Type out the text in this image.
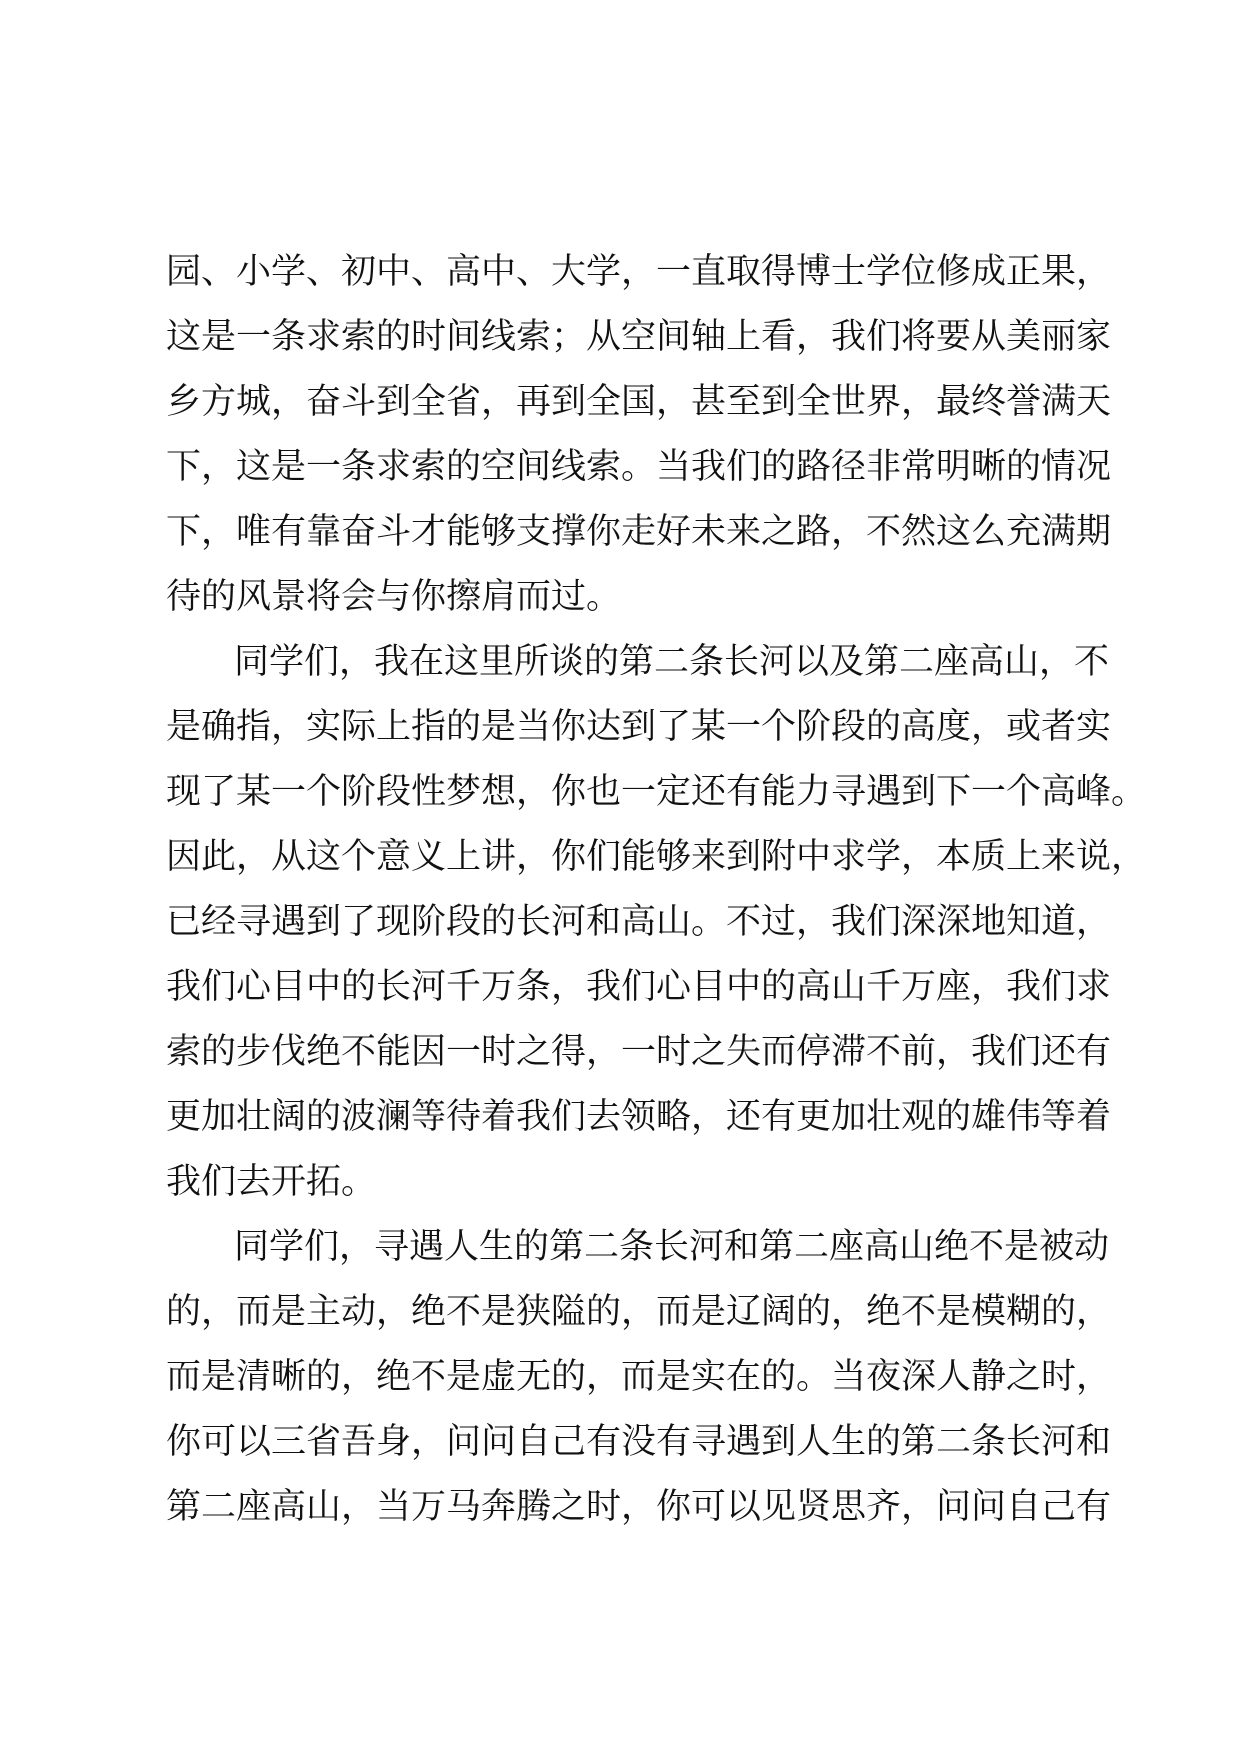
园、小学、初中、高中、大学，一直取得博士学位修成正果，
这是一条求索的时间线索；从空间轴上看，我们将要从美丽家
乡方城，奋斗到全省，再到全国，甚至到全世界，最终誉满天
下，这是一条求索的空间线索。当我们的路径非常明晰的情况
下，唯有靠奋斗才能够支撑你走好未来之路，不然这么充满期
待的风景将会与你擦肩而过。
同学们，我在这里所谈的第二条长河以及第二座高山，不
是确指，实际上指的是当你达到了某一个阶段的高度，或者实
现了某一个阶段性梦想，你也一定还有能力寻遇到下一个高峰。
因此，从这个意义上讲，你们能够来到附中求学，本质上来说，
已经寻遇到了现阶段的长河和高山。不过，我们深深地知道，
我们心目中的长河千万条，我们心目中的高山千万座，我们求
索的步伐绝不能因一时之得，一时之失而停滞不前，我们还有
更加壮阔的波澜等待着我们去领略，还有更加壮观的雄伟等着
我们去开拓。
同学们，寻遇人生的第二条长河和第二座高山绝不是被动
的，而是主动，绝不是狭隘的，而是辽阔的，绝不是模糊的，
而是清晰的，绝不是虚无的，而是实在的。当夜深人静之时，
你可以三省吾身，问问自己有没有寻遇到人生的第二条长河和
第二座高山，当万马奔腾之时，你可以见贤思齐，问问自己有
